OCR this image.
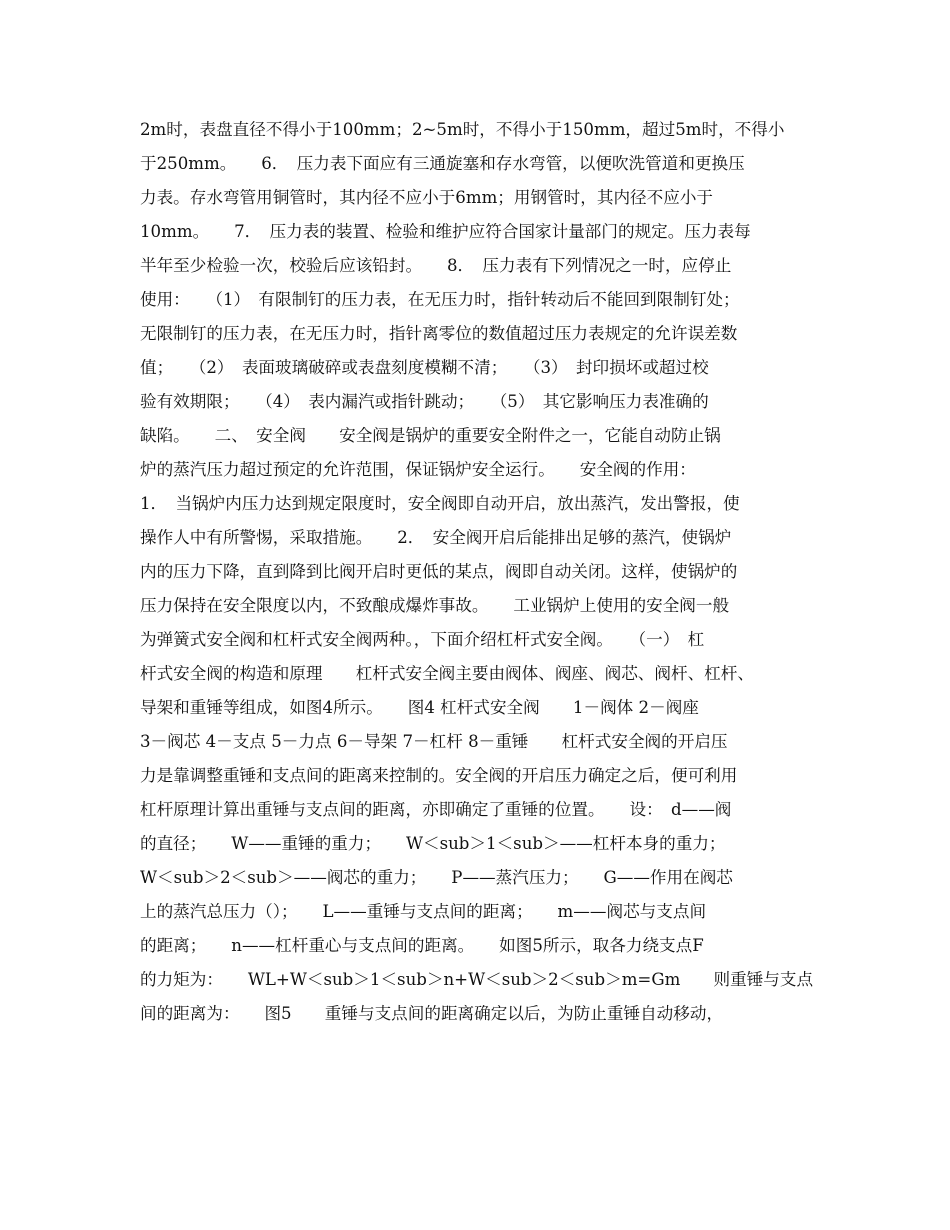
2m时，表盘直径不得小于100mm；2~5m时，不得小于150mm，超过5m时，不得小
于250mm。　　6．　压力表下面应有三通旋塞和存水弯管，以便吹洗管道和更换压
力表。存水弯管用铜管时，其内径不应小于6mm；用钢管时，其内径不应小于
10mm。　　7．　压力表的装置、检验和维护应符合国家计量部门的规定。压力表每
半年至少检验一次，校验后应该铅封。　　8．　压力表有下列情况之一时，应停止
使用：　　（1）　有限制钉的压力表，在无压力时，指针转动后不能回到限制钉处；
无限制钉的压力表，在无压力时，指针离零位的数值超过压力表规定的允许误差数
值；　　（2）　表面玻璃破碎或表盘刻度模糊不清；　　（3）　封印损坏或超过校
验有效期限；　　（4）　表内漏汽或指针跳动；　　（5）　其它影响压力表准确的
缺陷。　　二、　安全阀　　安全阀是锅炉的重要安全附件之一，它能自动防止锅
炉的蒸汽压力超过预定的允许范围，保证锅炉安全运行。　　安全阀的作用：
1．　当锅炉内压力达到规定限度时，安全阀即自动开启，放出蒸汽，发出警报，使
操作人中有所警惕，采取措施。　　2．　安全阀开启后能排出足够的蒸汽，使锅炉
内的压力下降，直到降到比阀开启时更低的某点，阀即自动关闭。这样，使锅炉的
压力保持在安全限度以内，不致酿成爆炸事故。　　工业锅炉上使用的安全阀一般
为弹簧式安全阀和杠杆式安全阀两种。，下面介绍杠杆式安全阀。　　（一）　杠
杆式安全阀的构造和原理　　杠杆式安全阀主要由阀体、阀座、阀芯、阀杆、杠杆、
导架和重锤等组成，如图4所示。　　图4 杠杆式安全阀　　1－阀体 2－阀座
3－阀芯 4－支点 5－力点 6－导架 7－杠杆 8－重锤　　杠杆式安全阀的开启压
力是靠调整重锤和支点间的距离来控制的。安全阀的开启压力确定之后，便可利用
杠杆原理计算出重锤与支点间的距离，亦即确定了重锤的位置。　　设：　d——阀
的直径；　　W——重锤的重力；　　W＜sub＞1＜sub＞——杠杆本身的重力；
W＜sub＞2＜sub＞——阀芯的重力；　　P——蒸汽压力；　　G——作用在阀芯
上的蒸汽总压力（）；　　L——重锤与支点间的距离；　　m——阀芯与支点间
的距离；　　n——杠杆重心与支点间的距离。　　如图5所示，取各力绕支点F
的力矩为：　　WL+W＜sub＞1＜sub＞n+W＜sub＞2＜sub＞m=Gm　　则重锤与支点
间的距离为：　　图5　　重锤与支点间的距离确定以后，为防止重锤自动移动，
